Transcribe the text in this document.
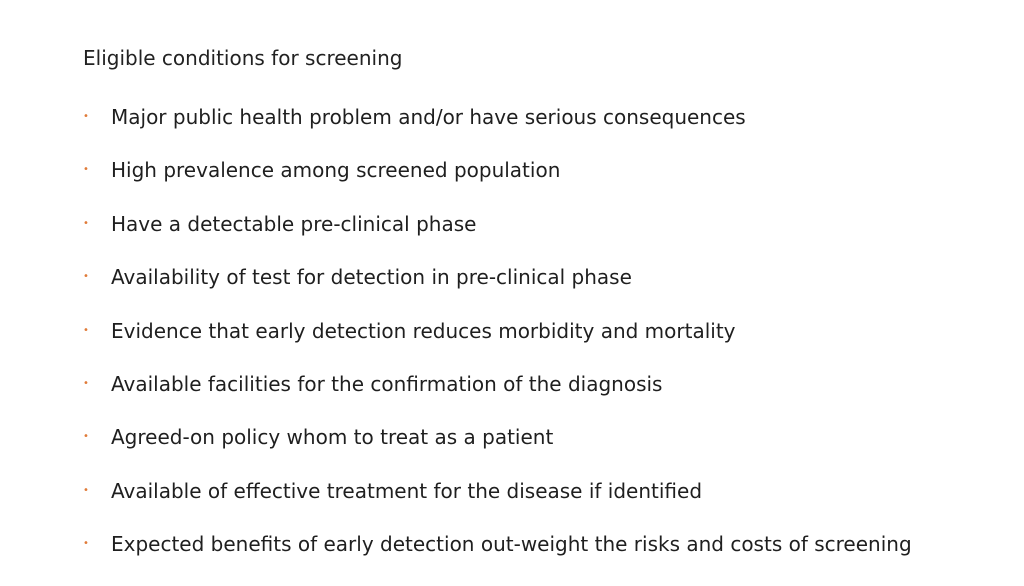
Eligible conditions for screening
•	Major public health problem and/or have serious consequences
•	High prevalence among screened population
•	Have a detectable pre-clinical phase
•	Availability of test for detection in pre-clinical phase
•	Evidence that early detection reduces morbidity and mortality
•	Available facilities for the confirmation of the diagnosis
•	Agreed-on policy whom to treat as a patient
•	Available of effective treatment for the disease if identified
•	Expected benefits of early detection out-weight the risks and costs of screening
